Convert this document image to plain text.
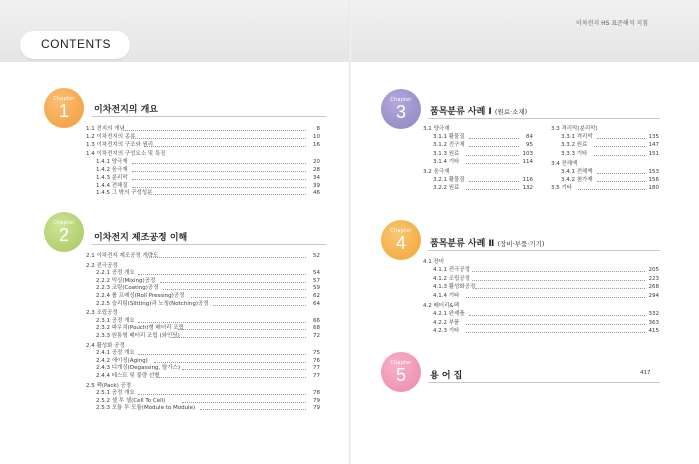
CONTENTS
이차전지 HS 표준해석 지침
Chapter
1	이차전지의 개요
1.1 전지의 개념	8
1.2 이차전지의 종류	10
1.3 이차전지의 구조와 원리	16
1.4 이차전지의 구성요소 및 특징
1.4.1 양극재	20
1.4.2 음극재	28
1.4.3 분리막	34
1.4.4 전해질	39
1.4.5 그 밖의 구성성분	46
Chapter
2	이차전지 제조공정 이해
2.1 이차전지 제조공정 개략도	52
2.2 전극공정
2.2.1 공정 개요	54
2.2.2 믹싱(Mixing)공정	57
2.2.3 코팅(Coating)공정	59
2.2.4 롤 프레싱(Roll Pressing)공정	62
2.2.5 슬리팅(Slitting)과 노칭(Notching)공정	64
2.3 조립공정
2.3.1 공정 개요	66
2.3.2 파우치(Pouch)형 배터리 조립	68
2.3.3 원통형 배터리 조립 (와인딩)	72
2.4 활성화 공정
2.4.1 공정 개요	75
2.4.2 에이징(Aging)	76
2.4.3 디개싱(Degassing, 탈가스)	77
2.4.4 테스트 및 불량 선별	77
2.5 팩(Pack) 공정
2.5.1 공정 개요	78
2.5.2 셀 투 셀(Cell To Cell)	79
2.5.3 모듈 투 모듈(Module to Module)	79
Chapter
3	품목분류 사례 Ⅰ (원료·소재)
3.1 양극재
3.1.1 활물질	84
3.1.2 전구체	95
3.1.3 원료	103
3.1.4 기타	114
3.2 음극재
3.2.1 활물질	116
3.2.2 원료	132
3.3 격리막(분리막)
3.3.1 격리막	135
3.3.2 원료	147
3.3.3 기타	151
3.4 전해액
3.4.1 전해액	153
3.4.2 첨가제	156
3.5 기타	180
Chapter
4	품목분류 사례 Ⅱ (장비·부품·기기)
4.1 장비
4.1.1 전극공정	205
4.1.2 조립공정	223
4.1.3 활성화공정	268
4.1.4 기타	294
4.2 배터리&팩
4.2.1 완제품	332
4.2.2 부품	363
4.2.3 기타	415
Chapter
5	용 어 집	417
